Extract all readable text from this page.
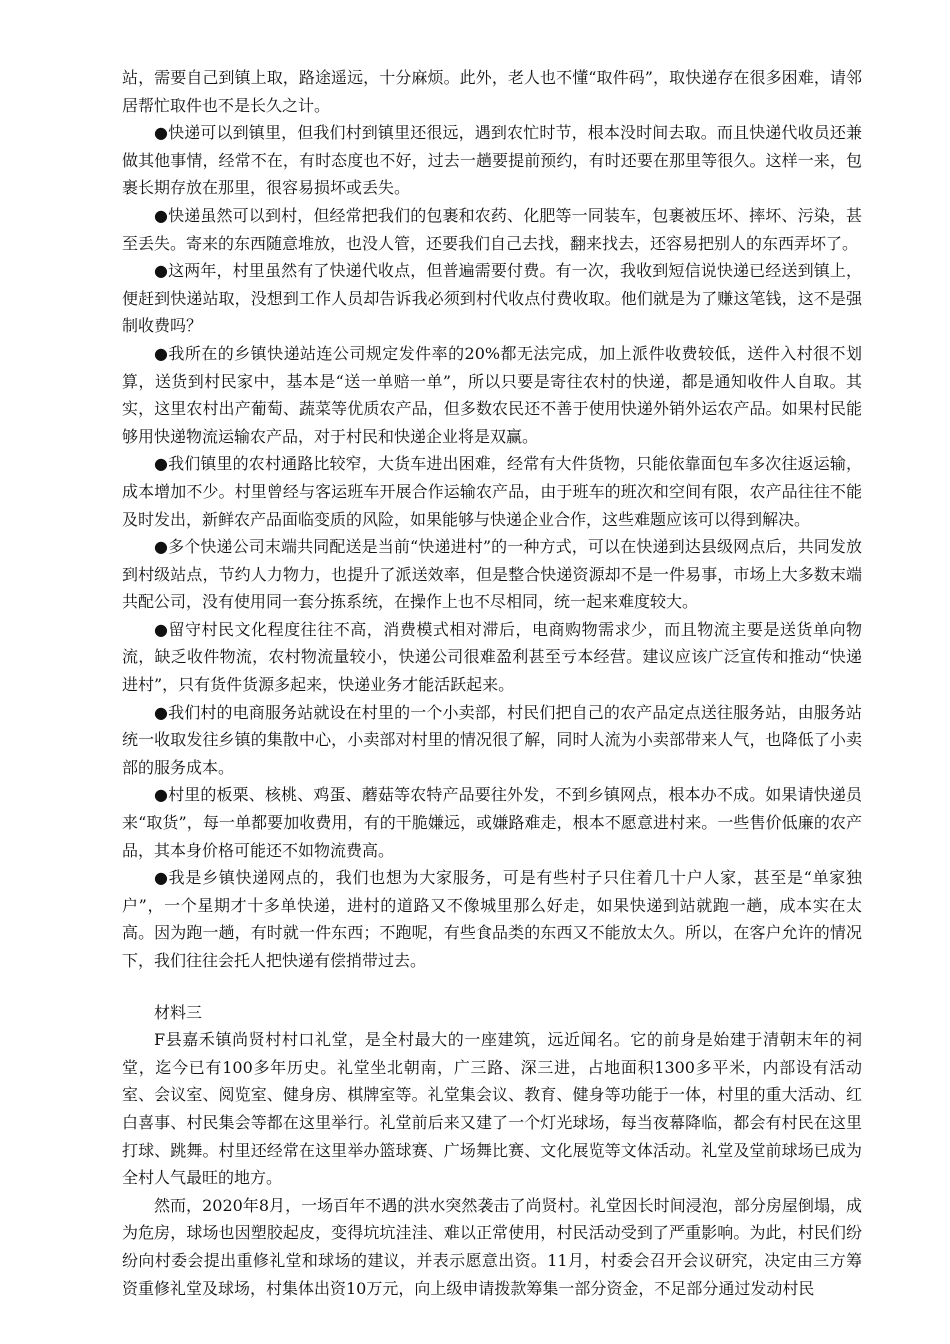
站，需要自己到镇上取，路途遥远，十分麻烦。此外，老人也不懂“取件码”，取快递存在很多困难，请邻居帮忙取件也不是长久之计。

●快递可以到镇里，但我们村到镇里还很远，遇到农忙时节，根本没时间去取。而且快递代收员还兼做其他事情，经常不在，有时态度也不好，过去一趟要提前预约，有时还要在那里等很久。这样一来，包裹长期存放在那里，很容易损坏或丢失。

●快递虽然可以到村，但经常把我们的包裹和农药、化肥等一同装车，包裹被压坏、摔坏、污染，甚至丢失。寄来的东西随意堆放，也没人管，还要我们自己去找，翻来找去，还容易把别人的东西弄坏了。

●这两年，村里虽然有了快递代收点，但普遍需要付费。有一次，我收到短信说快递已经送到镇上，便赶到快递站取，没想到工作人员却告诉我必须到村代收点付费收取。他们就是为了赚这笔钱，这不是强制收费吗？

●我所在的乡镇快递站连公司规定发件率的20%都无法完成，加上派件收费较低，送件入村很不划算，送货到村民家中，基本是“送一单赔一单”，所以只要是寄往农村的快递，都是通知收件人自取。其实，这里农村出产葡萄、蔬菜等优质农产品，但多数农民还不善于使用快递外销外运农产品。如果村民能够用快递物流运输农产品，对于村民和快递企业将是双赢。

●我们镇里的农村通路比较窄，大货车进出困难，经常有大件货物，只能依靠面包车多次往返运输，成本增加不少。村里曾经与客运班车开展合作运输农产品，由于班车的班次和空间有限，农产品往往不能及时发出，新鲜农产品面临变质的风险，如果能够与快递企业合作，这些难题应该可以得到解决。

●多个快递公司末端共同配送是当前“快递进村”的一种方式，可以在快递到达县级网点后，共同发放到村级站点，节约人力物力，也提升了派送效率，但是整合快递资源却不是一件易事，市场上大多数末端共配公司，没有使用同一套分拣系统，在操作上也不尽相同，统一起来难度较大。

●留守村民文化程度往往不高，消费模式相对滞后，电商购物需求少，而且物流主要是送货单向物流，缺乏收件物流，农村物流量较小，快递公司很难盈利甚至亏本经营。建议应该广泛宣传和推动“快递进村”，只有货件货源多起来，快递业务才能活跃起来。

●我们村的电商服务站就设在村里的一个小卖部，村民们把自己的农产品定点送往服务站，由服务站统一收取发往乡镇的集散中心，小卖部对村里的情况很了解，同时人流为小卖部带来人气，也降低了小卖部的服务成本。

●村里的板栗、核桃、鸡蛋、蘑菇等农特产品要往外发，不到乡镇网点，根本办不成。如果请快递员来“取货”，每一单都要加收费用，有的干脆嫌远，或嫌路难走，根本不愿意进村来。一些售价低廉的农产品，其本身价格可能还不如物流费高。

●我是乡镇快递网点的，我们也想为大家服务，可是有些村子只住着几十户人家，甚至是“单家独户”，一个星期才十多单快递，进村的道路又不像城里那么好走，如果快递到站就跑一趟，成本实在太高。因为跑一趟，有时就一件东西；不跑呢，有些食品类的东西又不能放太久。所以，在客户允许的情况下，我们往往会托人把快递有偿捎带过去。

材料三

F县嘉禾镇尚贤村村口礼堂，是全村最大的一座建筑，远近闻名。它的前身是始建于清朝末年的祠堂，迄今已有100多年历史。礼堂坐北朝南，广三路、深三进，占地面积1300多平米，内部设有活动室、会议室、阅览室、健身房、棋牌室等。礼堂集会议、教育、健身等功能于一体，村里的重大活动、红白喜事、村民集会等都在这里举行。礼堂前后来又建了一个灯光球场，每当夜幕降临，都会有村民在这里打球、跳舞。村里还经常在这里举办篮球赛、广场舞比赛、文化展览等文体活动。礼堂及堂前球场已成为全村人气最旺的地方。

然而，2020年8月，一场百年不遇的洪水突然袭击了尚贤村。礼堂因长时间浸泡，部分房屋倒塌，成为危房，球场也因塑胶起皮，变得坑坑洼洼、难以正常使用，村民活动受到了严重影响。为此，村民们纷纷向村委会提出重修礼堂和球场的建议，并表示愿意出资。11月，村委会召开会议研究，决定由三方筹资重修礼堂及球场，村集体出资10万元，向上级申请拨款筹集一部分资金，不足部分通过发动村民
